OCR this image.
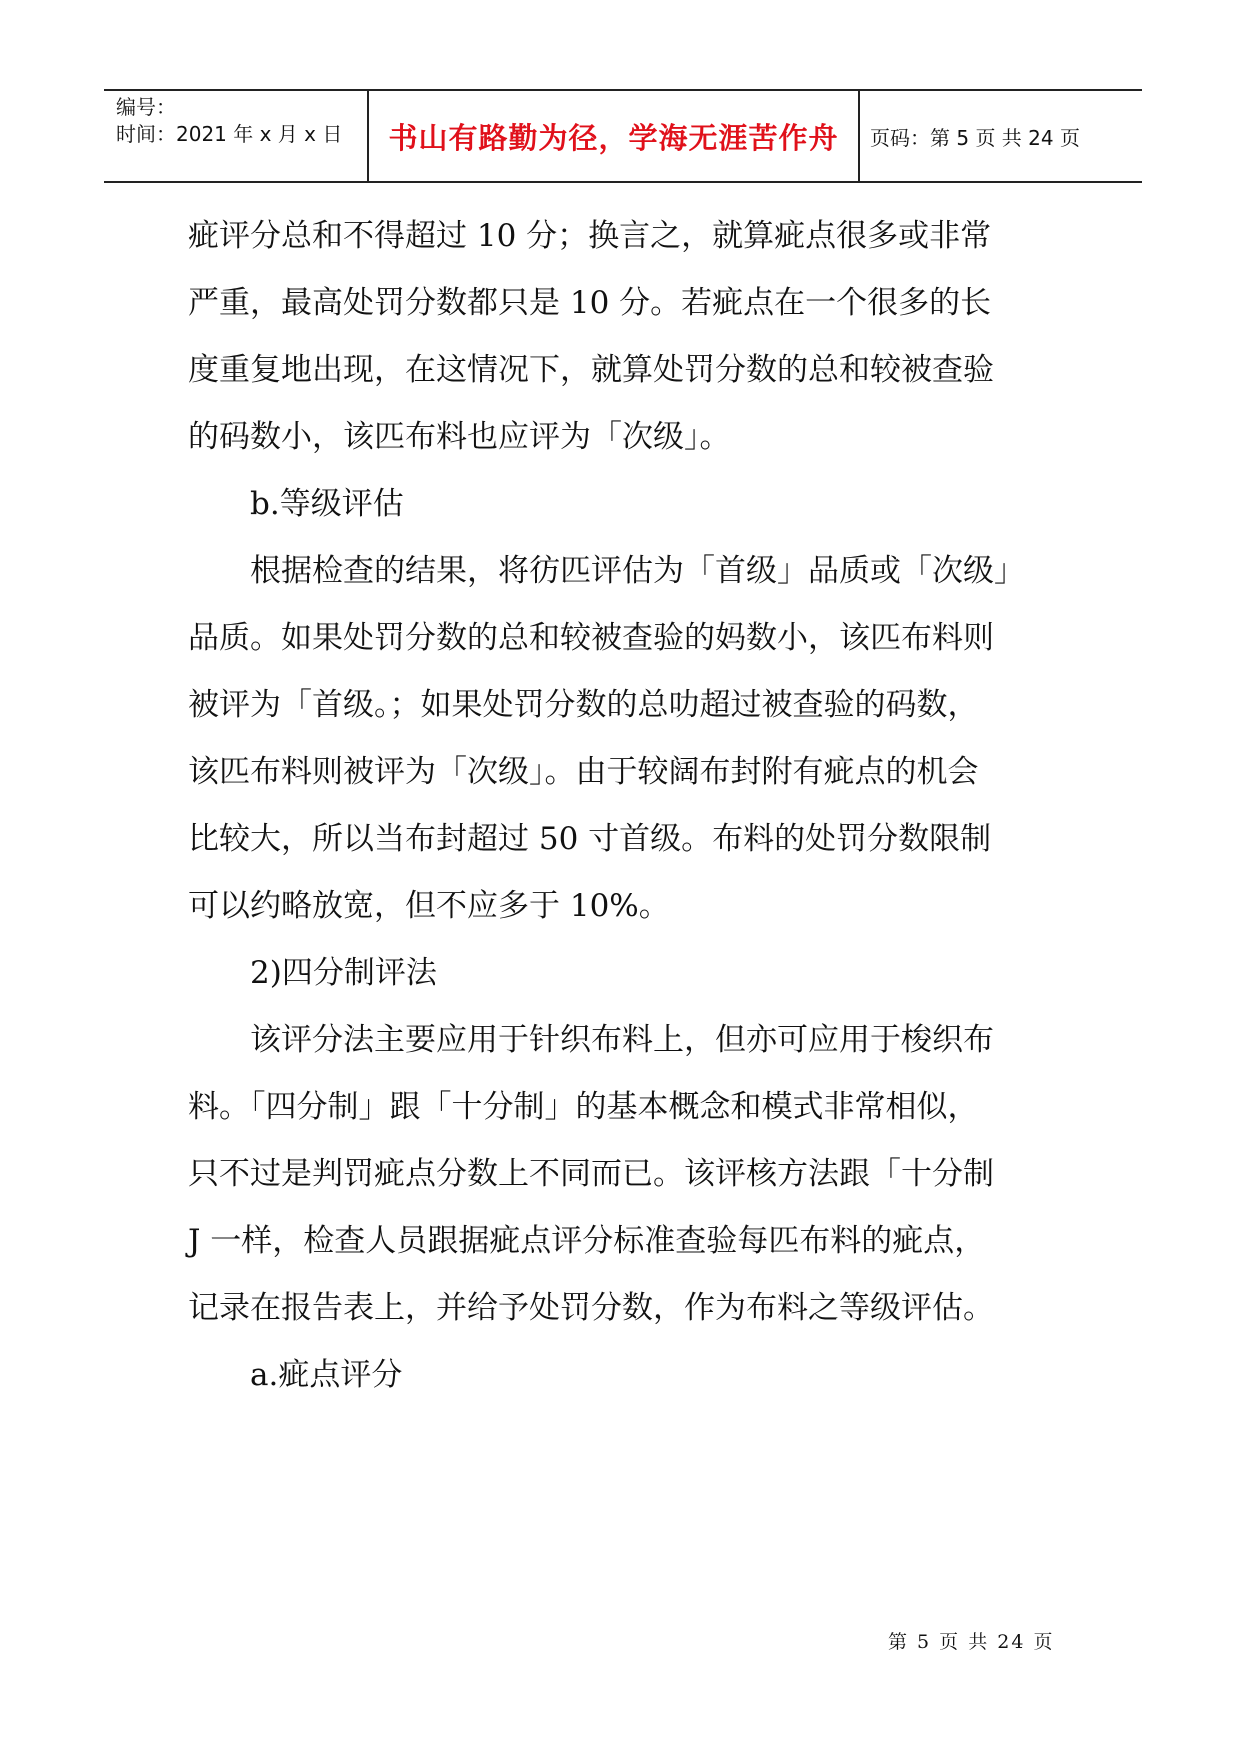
编号：
时间：2021 年 x 月 x 日	书山有路勤为径，学海无涯苦作舟	页码：第 5 页 共 24 页
疵评分总和不得超过 10 分；换言之，就算疵点很多或非常
严重，最高处罚分数都只是 10 分。若疵点在一个很多的长
度重复地出现，在这情况下，就算处罚分数的总和较被查验
的码数小，该匹布料也应评为「次级」。
b.等级评估
根据检查的结果，将彷匹评估为「首级」品质或「次级」
品质。如果处罚分数的总和较被查验的妈数小，该匹布料则
被评为「首级。；如果处罚分数的总叻超过被查验的码数，
该匹布料则被评为「次级」。由于较阔布封附有疵点的机会
比较大，所以当布封超过 50 寸首级。布料的处罚分数限制
可以约略放宽，但不应多于 10%。
2)四分制评法
该评分法主要应用于针织布料上，但亦可应用于梭织布
料。「四分制」跟「十分制」的基本概念和模式非常相似，
只不过是判罚疵点分数上不同而已。该评核方法跟「十分制
J 一样，检查人员跟据疵点评分标准查验每匹布料的疵点，
记录在报告表上，并给予处罚分数，作为布料之等级评估。
a.疵点评分
第 5 页 共 24 页
